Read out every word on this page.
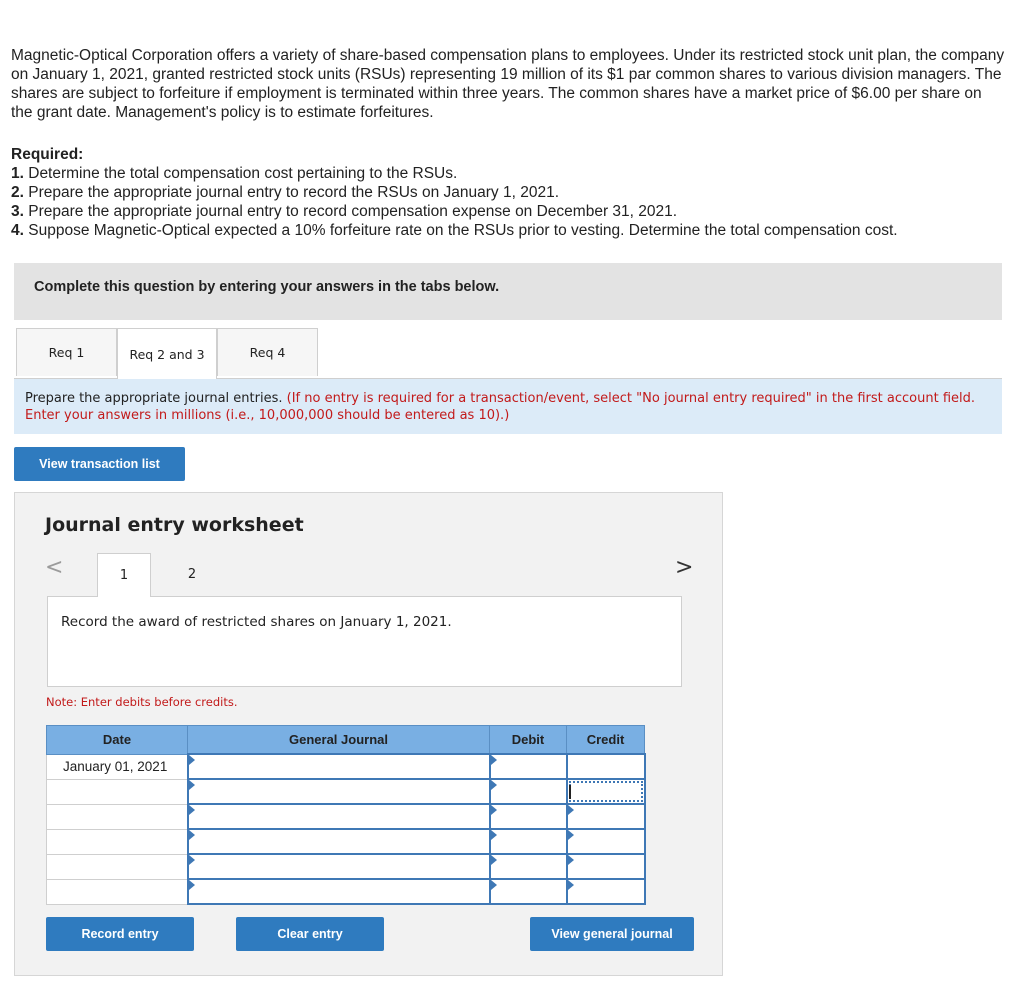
Magnetic-Optical Corporation offers a variety of share-based compensation plans to employees. Under its restricted stock unit plan, the company on January 1, 2021, granted restricted stock units (RSUs) representing 19 million of its $1 par common shares to various division managers. The shares are subject to forfeiture if employment is terminated within three years. The common shares have a market price of $6.00 per share on the grant date. Management's policy is to estimate forfeitures.

Required:

1. Determine the total compensation cost pertaining to the RSUs.

2. Prepare the appropriate journal entry to record the RSUs on January 1, 2021.

3. Prepare the appropriate journal entry to record compensation expense on December 31, 2021.

4. Suppose Magnetic-Optical expected a 10% forfeiture rate on the RSUs prior to vesting. Determine the total compensation cost.

Complete this question by entering your answers in the tabs below.
Req 1	Req 2 and 3	Req 4
Prepare the appropriate journal entries. (If no entry is required for a transaction/event, select "No journal entry required" in the first account field. Enter your answers in millions (i.e., 10,000,000 should be entered as 10).)
View transaction list
Journal entry worksheet
<	1	2	>
Record the award of restricted shares on January 1, 2021.
Note: Enter debits before credits.
Date	General Journal	Debit	Credit
January 01, 2021	

Record entry	Clear entry	View general journal
